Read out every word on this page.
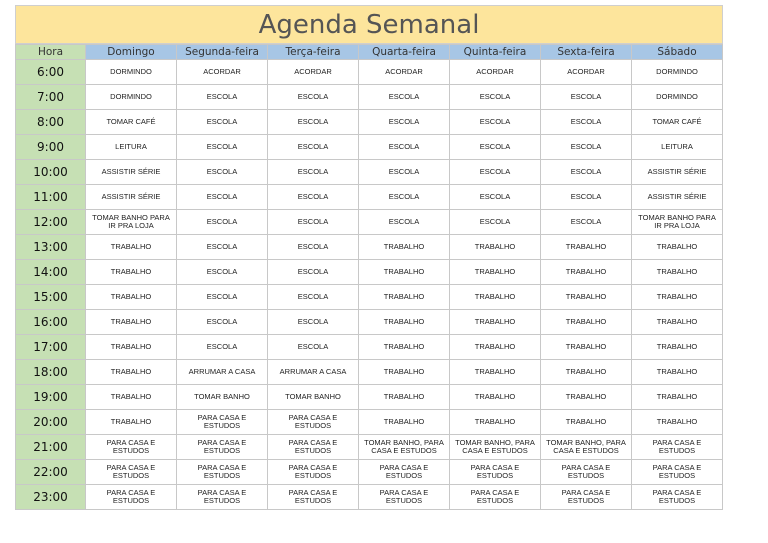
Agenda Semanal
Hora	Domingo	Segunda-feira	Terça-feira	Quarta-feira	Quinta-feira	Sexta-feira	Sábado
6:00	DORMINDO	ACORDAR	ACORDAR	ACORDAR	ACORDAR	ACORDAR	DORMINDO
7:00	DORMINDO	ESCOLA	ESCOLA	ESCOLA	ESCOLA	ESCOLA	DORMINDO
8:00	TOMAR CAFÉ	ESCOLA	ESCOLA	ESCOLA	ESCOLA	ESCOLA	TOMAR CAFÉ
9:00	LEITURA	ESCOLA	ESCOLA	ESCOLA	ESCOLA	ESCOLA	LEITURA
10:00	ASSISTIR SÉRIE	ESCOLA	ESCOLA	ESCOLA	ESCOLA	ESCOLA	ASSISTIR SÉRIE
11:00	ASSISTIR SÉRIE	ESCOLA	ESCOLA	ESCOLA	ESCOLA	ESCOLA	ASSISTIR SÉRIE
12:00	TOMAR BANHO PARA IR PRA LOJA	ESCOLA	ESCOLA	ESCOLA	ESCOLA	ESCOLA	TOMAR BANHO PARA IR PRA LOJA
13:00	TRABALHO	ESCOLA	ESCOLA	TRABALHO	TRABALHO	TRABALHO	TRABALHO
14:00	TRABALHO	ESCOLA	ESCOLA	TRABALHO	TRABALHO	TRABALHO	TRABALHO
15:00	TRABALHO	ESCOLA	ESCOLA	TRABALHO	TRABALHO	TRABALHO	TRABALHO
16:00	TRABALHO	ESCOLA	ESCOLA	TRABALHO	TRABALHO	TRABALHO	TRABALHO
17:00	TRABALHO	ESCOLA	ESCOLA	TRABALHO	TRABALHO	TRABALHO	TRABALHO
18:00	TRABALHO	ARRUMAR A CASA	ARRUMAR A CASA	TRABALHO	TRABALHO	TRABALHO	TRABALHO
19:00	TRABALHO	TOMAR BANHO	TOMAR BANHO	TRABALHO	TRABALHO	TRABALHO	TRABALHO
20:00	TRABALHO	PARA CASA E ESTUDOS	PARA CASA E ESTUDOS	TRABALHO	TRABALHO	TRABALHO	TRABALHO
21:00	PARA CASA E ESTUDOS	PARA CASA E ESTUDOS	PARA CASA E ESTUDOS	TOMAR BANHO, PARA CASA E ESTUDOS	TOMAR BANHO, PARA CASA E ESTUDOS	TOMAR BANHO, PARA CASA E ESTUDOS	PARA CASA E ESTUDOS
22:00	PARA CASA E ESTUDOS	PARA CASA E ESTUDOS	PARA CASA E ESTUDOS	PARA CASA E ESTUDOS	PARA CASA E ESTUDOS	PARA CASA E ESTUDOS	PARA CASA E ESTUDOS
23:00	PARA CASA E ESTUDOS	PARA CASA E ESTUDOS	PARA CASA E ESTUDOS	PARA CASA E ESTUDOS	PARA CASA E ESTUDOS	PARA CASA E ESTUDOS	PARA CASA E ESTUDOS
